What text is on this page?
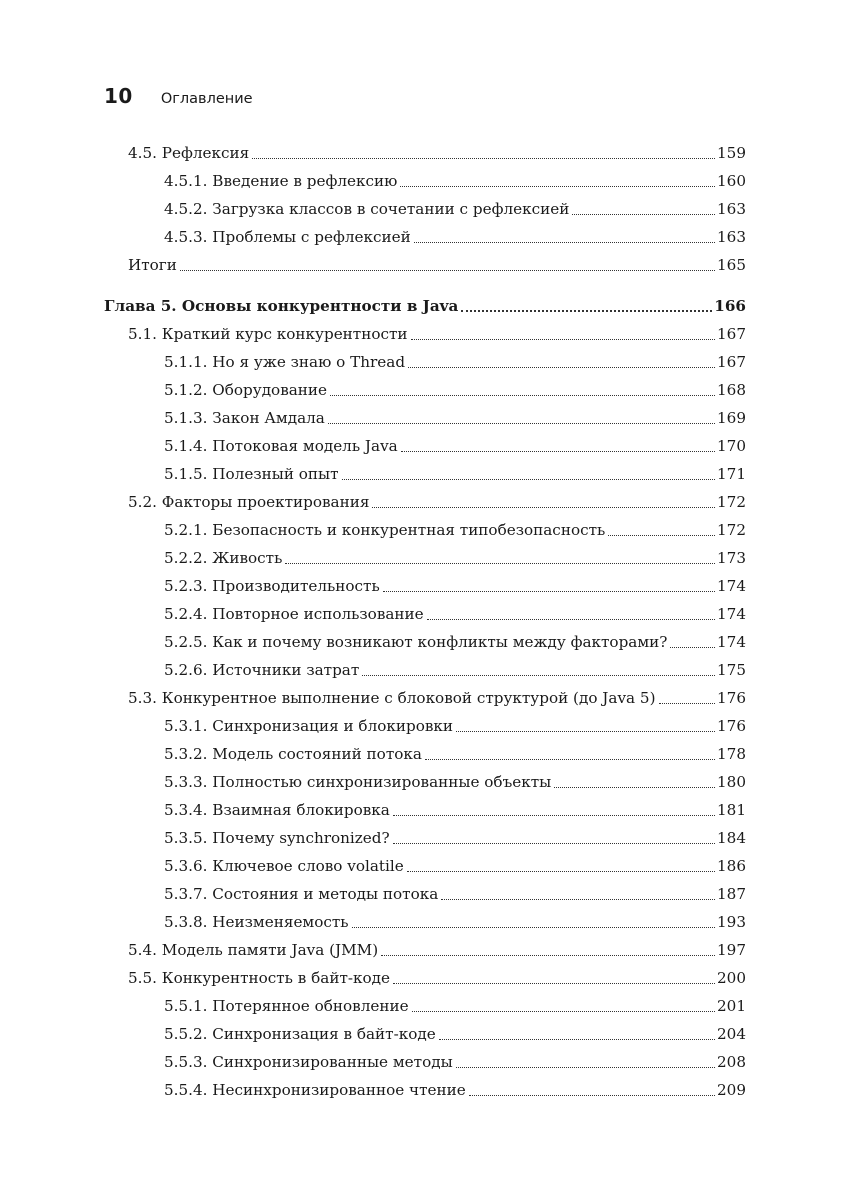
10 Оглавление
4.5. Рефлексия	159
4.5.1. Введение в рефлексию	160
4.5.2. Загрузка классов в сочетании с рефлексией	163
4.5.3. Проблемы с рефлексией	163
Итоги	165
Глава 5. Основы конкурентности в Java	166
5.1. Краткий курс конкурентности	167
5.1.1. Но я уже знаю о Thread	167
5.1.2. Оборудование	168
5.1.3. Закон Амдала	169
5.1.4. Потоковая модель Java	170
5.1.5. Полезный опыт	171
5.2. Факторы проектирования	172
5.2.1. Безопасность и конкурентная типобезопасность	172
5.2.2. Живость	173
5.2.3. Производительность	174
5.2.4. Повторное использование	174
5.2.5. Как и почему возникают конфликты между факторами?	174
5.2.6. Источники затрат	175
5.3. Конкурентное выполнение с блоковой структурой (до Java 5)	176
5.3.1. Синхронизация и блокировки	176
5.3.2. Модель состояний потока	178
5.3.3. Полностью синхронизированные объекты	180
5.3.4. Взаимная блокировка	181
5.3.5. Почему synchronized?	184
5.3.6. Ключевое слово volatile	186
5.3.7. Состояния и методы потока	187
5.3.8. Неизменяемость	193
5.4. Модель памяти Java (JMM)	197
5.5. Конкурентность в байт-коде	200
5.5.1. Потерянное обновление	201
5.5.2. Синхронизация в байт-коде	204
5.5.3. Синхронизированные методы	208
5.5.4. Несинхронизированное чтение	209
